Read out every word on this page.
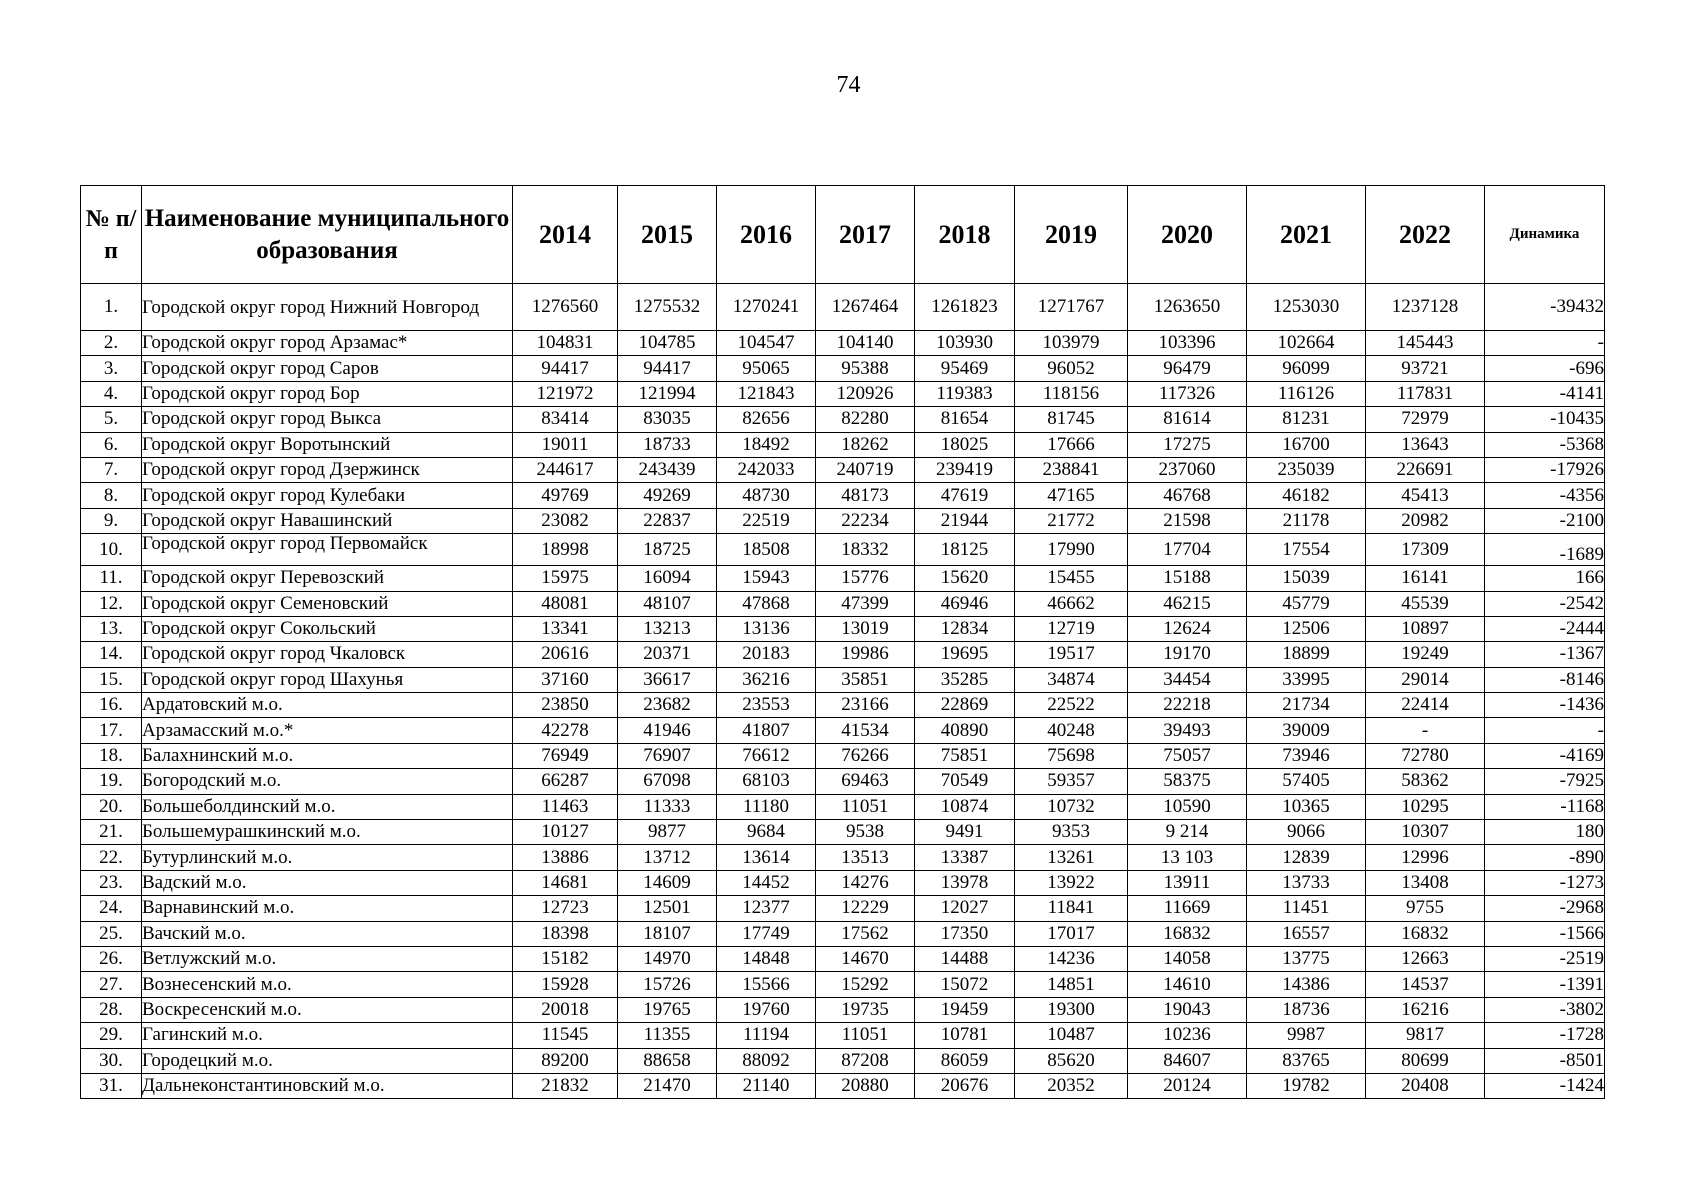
74
№ п/ п	Наименование муниципального образования	2014	2015	2016	2017	2018	2019	2020	2021	2022	Динамика
1.	Городской округ город Нижний Новгород	1276560	1275532	1270241	1267464	1261823	1271767	1263650	1253030	1237128	-39432
2.	Городской округ город Арзамас*	104831	104785	104547	104140	103930	103979	103396	102664	145443	-
3.	Городской округ город Саров	94417	94417	95065	95388	95469	96052	96479	96099	93721	-696
4.	Городской округ город Бор	121972	121994	121843	120926	119383	118156	117326	116126	117831	-4141
5.	Городской округ город Выкса	83414	83035	82656	82280	81654	81745	81614	81231	72979	-10435
6.	Городской округ Воротынский	19011	18733	18492	18262	18025	17666	17275	16700	13643	-5368
7.	Городской округ город Дзержинск	244617	243439	242033	240719	239419	238841	237060	235039	226691	-17926
8.	Городской округ город Кулебаки	49769	49269	48730	48173	47619	47165	46768	46182	45413	-4356
9.	Городской округ Навашинский	23082	22837	22519	22234	21944	21772	21598	21178	20982	-2100
10.	Городской округ город Первомайск	18998	18725	18508	18332	18125	17990	17704	17554	17309	-1689
11.	Городской округ Перевозский	15975	16094	15943	15776	15620	15455	15188	15039	16141	166
12.	Городской округ Семеновский	48081	48107	47868	47399	46946	46662	46215	45779	45539	-2542
13.	Городской округ Сокольский	13341	13213	13136	13019	12834	12719	12624	12506	10897	-2444
14.	Городской округ город Чкаловск	20616	20371	20183	19986	19695	19517	19170	18899	19249	-1367
15.	Городской округ город Шахунья	37160	36617	36216	35851	35285	34874	34454	33995	29014	-8146
16.	Ардатовский м.о.	23850	23682	23553	23166	22869	22522	22218	21734	22414	-1436
17.	Арзамасский м.о.*	42278	41946	41807	41534	40890	40248	39493	39009	-	-
18.	Балахнинский м.о.	76949	76907	76612	76266	75851	75698	75057	73946	72780	-4169
19.	Богородский м.о.	66287	67098	68103	69463	70549	59357	58375	57405	58362	-7925
20.	Большеболдинский м.о.	11463	11333	11180	11051	10874	10732	10590	10365	10295	-1168
21.	Большемурашкинский м.о.	10127	9877	9684	9538	9491	9353	9 214	9066	10307	180
22.	Бутурлинский м.о.	13886	13712	13614	13513	13387	13261	13 103	12839	12996	-890
23.	Вадский м.о.	14681	14609	14452	14276	13978	13922	13911	13733	13408	-1273
24.	Варнавинский м.о.	12723	12501	12377	12229	12027	11841	11669	11451	9755	-2968
25.	Вачский м.о.	18398	18107	17749	17562	17350	17017	16832	16557	16832	-1566
26.	Ветлужский м.о.	15182	14970	14848	14670	14488	14236	14058	13775	12663	-2519
27.	Вознесенский м.о.	15928	15726	15566	15292	15072	14851	14610	14386	14537	-1391
28.	Воскресенский м.о.	20018	19765	19760	19735	19459	19300	19043	18736	16216	-3802
29.	Гагинский м.о.	11545	11355	11194	11051	10781	10487	10236	9987	9817	-1728
30.	Городецкий м.о.	89200	88658	88092	87208	86059	85620	84607	83765	80699	-8501
31.	Дальнеконстантиновский м.о.	21832	21470	21140	20880	20676	20352	20124	19782	20408	-1424
